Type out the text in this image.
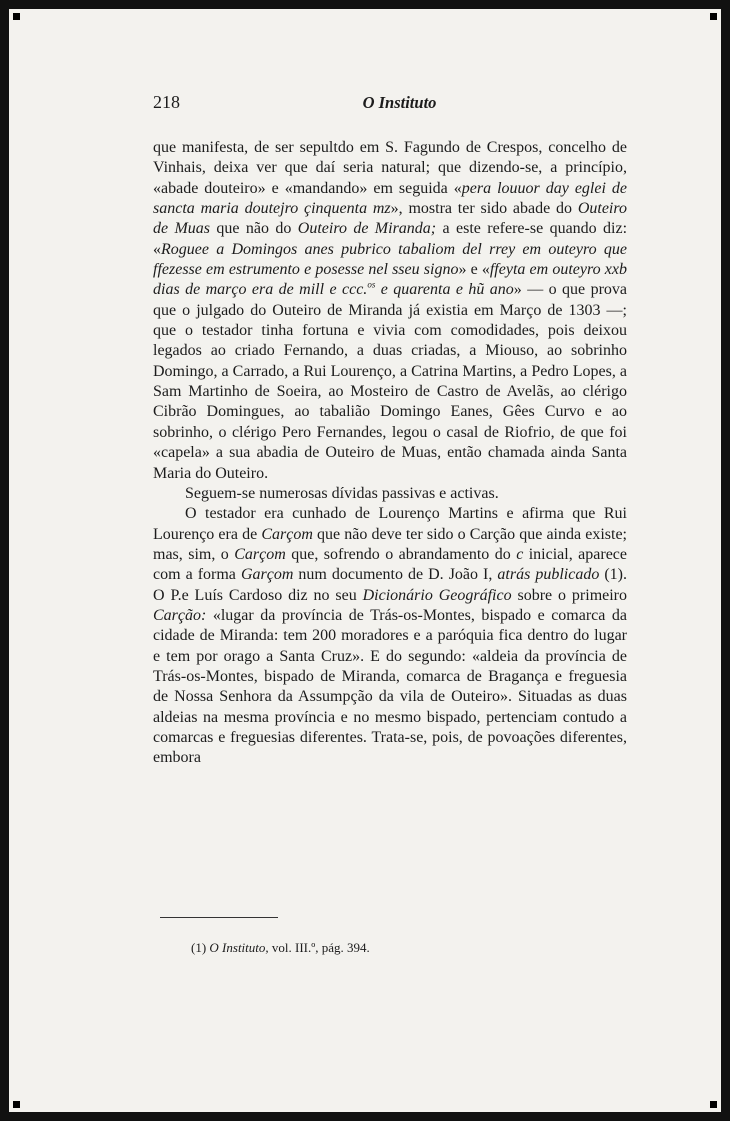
218	O Instituto

que manifesta, de ser sepultdo em S. Fagundo de Crespos, concelho de Vinhais, deixa ver que daí seria natural; que dizendo-se, a princípio, «abade douteiro» e «mandando» em seguida «pera louuor day eglei de sancta maria doutejro çinquenta mz», mostra ter sido abade do Outeiro de Muas que não do Outeiro de Miranda; a este refere-se quando diz: «Roguee a Domingos anes pubrico tabaliom del rrey em outeyro que ffezesse em estrumento e posesse nel sseu signo» e «ffeyta em outeyro xxb dias de março era de mill e ccc.$^{os}$ e quarenta e hũ ano» — o que prova que o julgado do Outeiro de Miranda já existia em Março de 1303 —; que o testador tinha fortuna e vivia com comodidades, pois deixou legados ao criado Fernando, a duas criadas, a Miouso, ao sobrinho Domingo, a Carrado, a Rui Lourenço, a Catrina Martins, a Pedro Lopes, a Sam Martinho de Soeira, ao Mosteiro de Castro de Avelãs, ao clérigo Cibrão Domingues, ao tabalião Domingo Eanes, Gêes Curvo e ao sobrinho, o clérigo Pero Fernandes, legou o casal de Riofrio, de que foi «capela» a sua abadia de Outeiro de Muas, então chamada ainda Santa Maria do Outeiro.

Seguem-se numerosas dívidas passivas e activas.

O testador era cunhado de Lourenço Martins e afirma que Rui Lourenço era de Carçom que não deve ter sido o Carção que ainda existe; mas, sim, o Carçom que, sofrendo o abrandamento do c inicial, aparece com a forma Garçom num documento de D. João I, atrás publicado (1). O P.e Luís Cardoso diz no seu Dicionário Geográfico sobre o primeiro Carção: «lugar da província de Trás-os-Montes, bispado e comarca da cidade de Miranda: tem 200 moradores e a paróquia fica dentro do lugar e tem por orago a Santa Cruz». E do segundo: «aldeia da província de Trás-os-Montes, bispado de Miranda, comarca de Bragança e freguesia de Nossa Senhora da Assumpção da vila de Outeiro». Situadas as duas aldeias na mesma província e no mesmo bispado, pertenciam contudo a comarcas e freguesias diferentes. Trata-se, pois, de povoações diferentes, embora

(1) O Instituto, vol. III.º, pág. 394.
